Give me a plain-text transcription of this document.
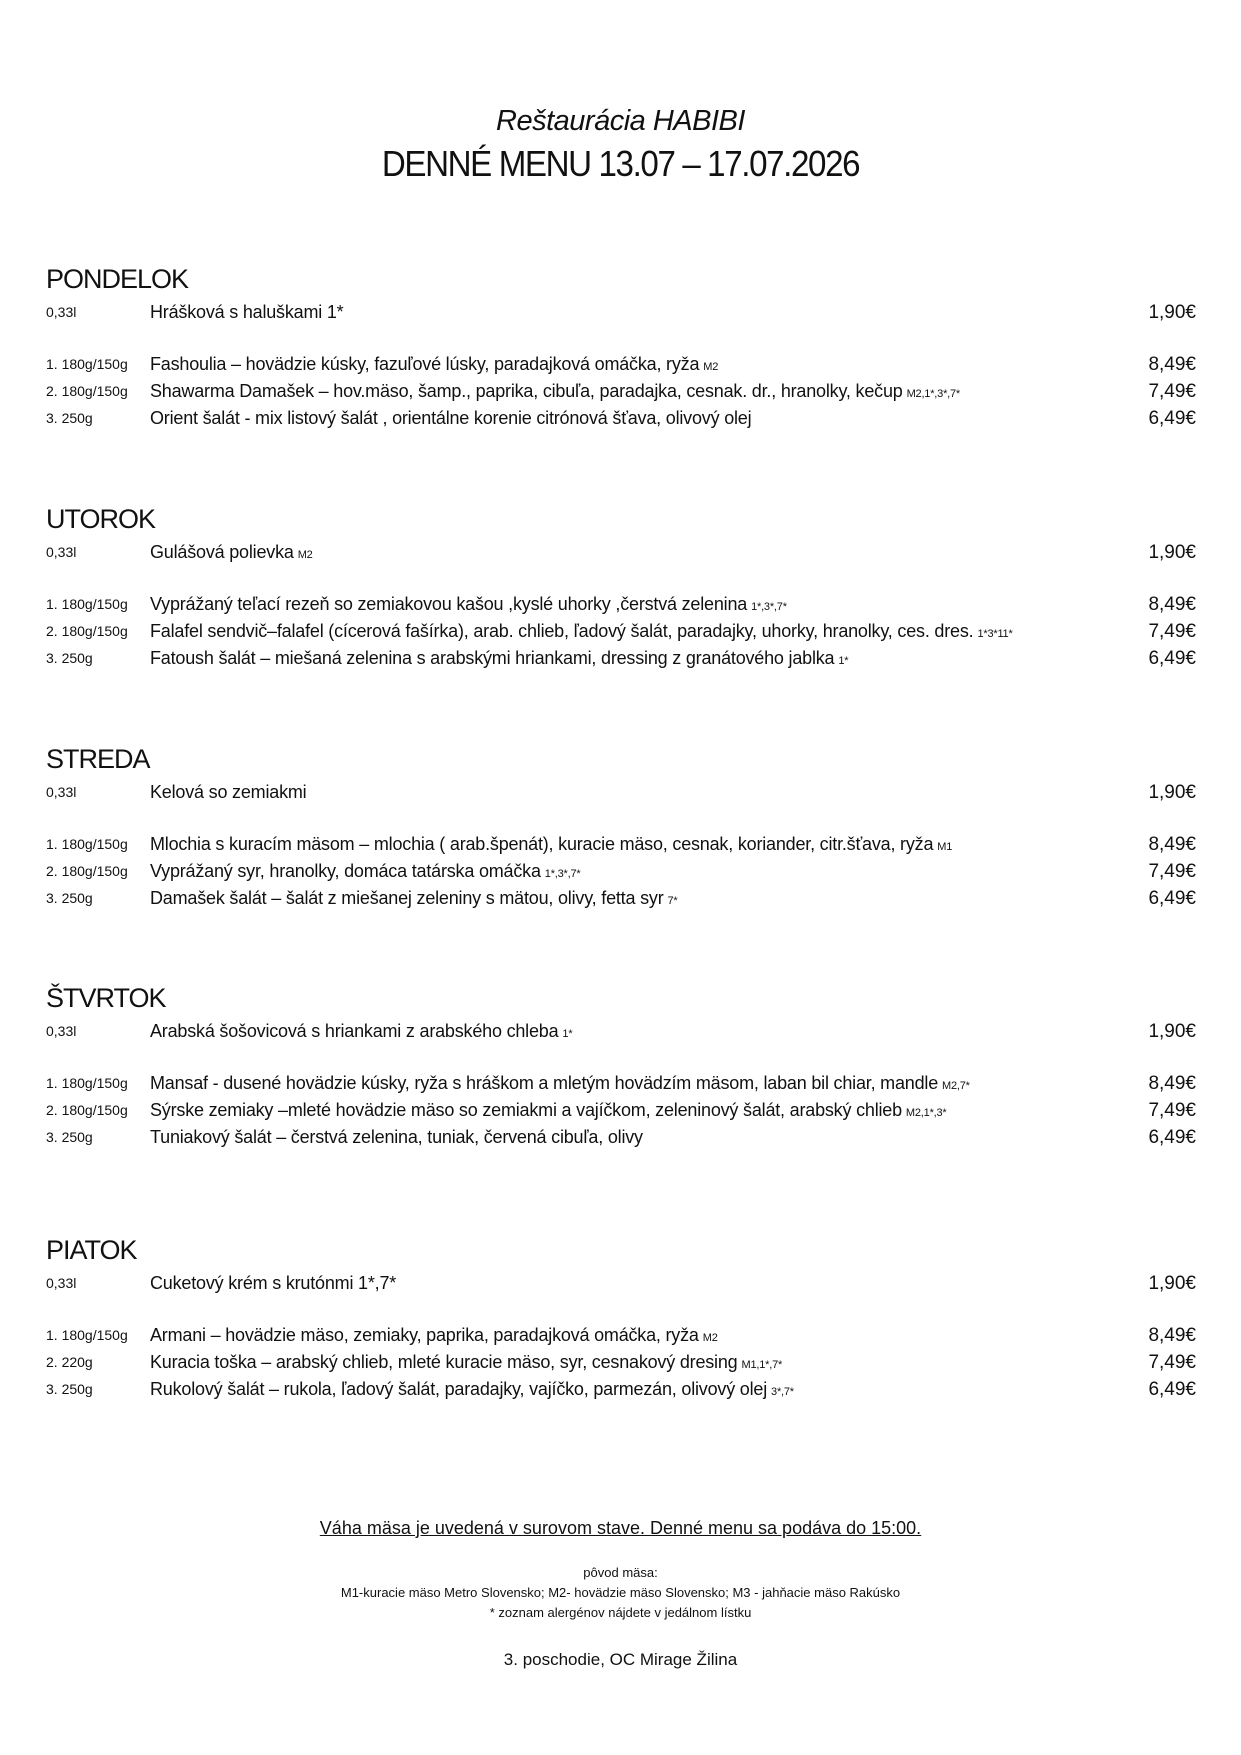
Reštaurácia HABIBI
DENNÉ MENU 13.07 – 17.07.2026
PONDELOK
0,33l	Hrášková s haluškami 1*	1,90€
1. 180g/150g Fashoulia – hovädzie kúsky, fazuľové lúsky, paradajková omáčka, ryža M2	8,49€
2. 180g/150g Shawarma Damašek – hov.mäso, šamp., paprika, cibuľa, paradajka, cesnak. dr., hranolky, kečup M2,1*,3*,7*	7,49€
3. 250g	Orient šalát - mix listový šalát , orientálne korenie citrónová šťava, olivový olej	6,49€
UTOROK
0,33l	Gulášová polievka M2	1,90€
1. 180g/150g Vyprážaný teľací rezeň so zemiakovou kašou ,kyslé uhorky ,čerstvá zelenina 1*,3*,7*	8,49€
2. 180g/150g Falafel sendvič–falafel (cícerová fašírka), arab. chlieb, ľadový šalát, paradajky, uhorky, hranolky, ces. dres. 1*3*11*	7,49€
3. 250g	Fatoush šalát – miešaná zelenina s arabskými hriankami, dressing z granátového jablka 1*	6,49€
STREDA
0,33l	Kelová so zemiakmi	1,90€
1. 180g/150g Mlochia s kuracím mäsom – mlochia ( arab.špenát), kuracie mäso, cesnak, koriander, citr.šťava, ryža M1	8,49€
2. 180g/150g Vyprážaný syr, hranolky, domáca tatárska omáčka 1*,3*,7*	7,49€
3. 250g	Damašek šalát – šalát z miešanej zeleniny s mätou, olivy, fetta syr 7*	6,49€
ŠTVRTOK
0,33l	Arabská šošovicová s hriankami z arabského chleba 1*	1,90€
1. 180g/150g Mansaf - dusené hovädzie kúsky, ryža s hráškom a mletým hovädzím mäsom, laban bil chiar, mandle M2,7*	8,49€
2. 180g/150g Sýrske zemiaky –mleté hovädzie mäso so zemiakmi a vajíčkom, zeleninový šalát, arabský chlieb M2,1*,3*	7,49€
3. 250g	Tuniakový šalát – čerstvá zelenina, tuniak, červená cibuľa, olivy	6,49€
PIATOK
0,33l	Cuketový krém s krutónmi 1*,7*	1,90€
1. 180g/150g Armani – hovädzie mäso, zemiaky, paprika, paradajková omáčka, ryža M2	8,49€
2. 220g	Kuracia toška – arabský chlieb, mleté kuracie mäso, syr, cesnakový dresing M1,1*,7*	7,49€
3. 250g	Rukolový šalát – rukola, ľadový šalát, paradajky, vajíčko, parmezán, olivový olej 3*,7*	6,49€
Váha mäsa je uvedená v surovom stave. Denné menu sa podáva do 15:00.
pôvod mäsa:
M1-kuracie mäso Metro Slovensko; M2- hovädzie mäso Slovensko; M3 - jahňacie mäso Rakúsko
* zoznam alergénov nájdete v jedálnom lístku
3. poschodie, OC Mirage Žilina
